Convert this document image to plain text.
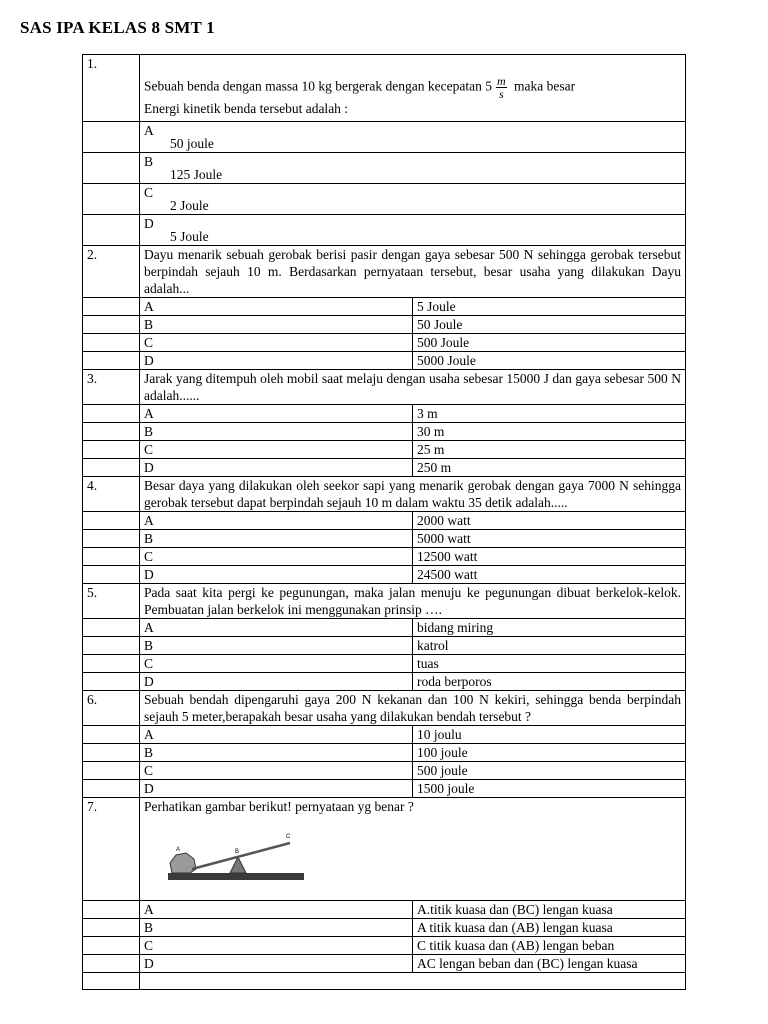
SAS IPA KELAS 8 SMT 1
1.	Sebuah benda dengan massa 10 kg bergerak dengan kecepatan $5 \frac{m}{s}$ maka besar
Energi kinetik benda tersebut adalah :	

	A
50 joule	

	B
125 Joule	

	C
2 Joule	

	D
5 Joule	

2.	Dayu menarik sebuah gerobak berisi pasir dengan gaya sebesar 500 N sehingga gerobak tersebut berpindah sejauh 10 m. Berdasarkan pernyataan tersebut, besar usaha yang dilakukan Dayu adalah...	
	A	5 Joule
	B	50 Joule
	C	500 Joule
	D	5000 Joule
3.	Jarak yang ditempuh oleh mobil saat melaju dengan usaha sebesar 15000 J dan gaya sebesar 500 N adalah......	
	A	3 m
	B	30 m
	C	25 m
	D	250 m
4.	Besar daya yang dilakukan oleh seekor sapi yang menarik gerobak dengan gaya 7000 N sehingga gerobak tersebut dapat berpindah sejauh 10 m dalam waktu 35 detik adalah.....	
	A	2000 watt
	B	5000 watt
	C	12500 watt
	D	24500 watt
5.	Pada saat kita pergi ke pegunungan, maka jalan menuju ke pegunungan dibuat berkelok-kelok. Pembuatan jalan berkelok ini menggunakan prinsip ….	
	A	bidang miring
	B	katrol
	C	tuas
	D	roda berporos
6.	Sebuah bendah dipengaruhi gaya 200 N kekanan dan 100 N kekiri, sehingga benda berpindah sejauh 5 meter,berapakah besar usaha yang dilakukan bendah tersebut ?	
	A	10 joulu
	B	100 joule
	C	500 joule
	D	1500 joule
7.	Perhatikan gambar berikut! pernyataan yg benar ?
A B
C	

	A	A.titik kuasa dan (BC) lengan kuasa
	B	A titik kuasa dan (AB) lengan kuasa
	C	C titik kuasa dan (AB) lengan beban
	D	AC lengan beban dan (BC) lengan kuasa
